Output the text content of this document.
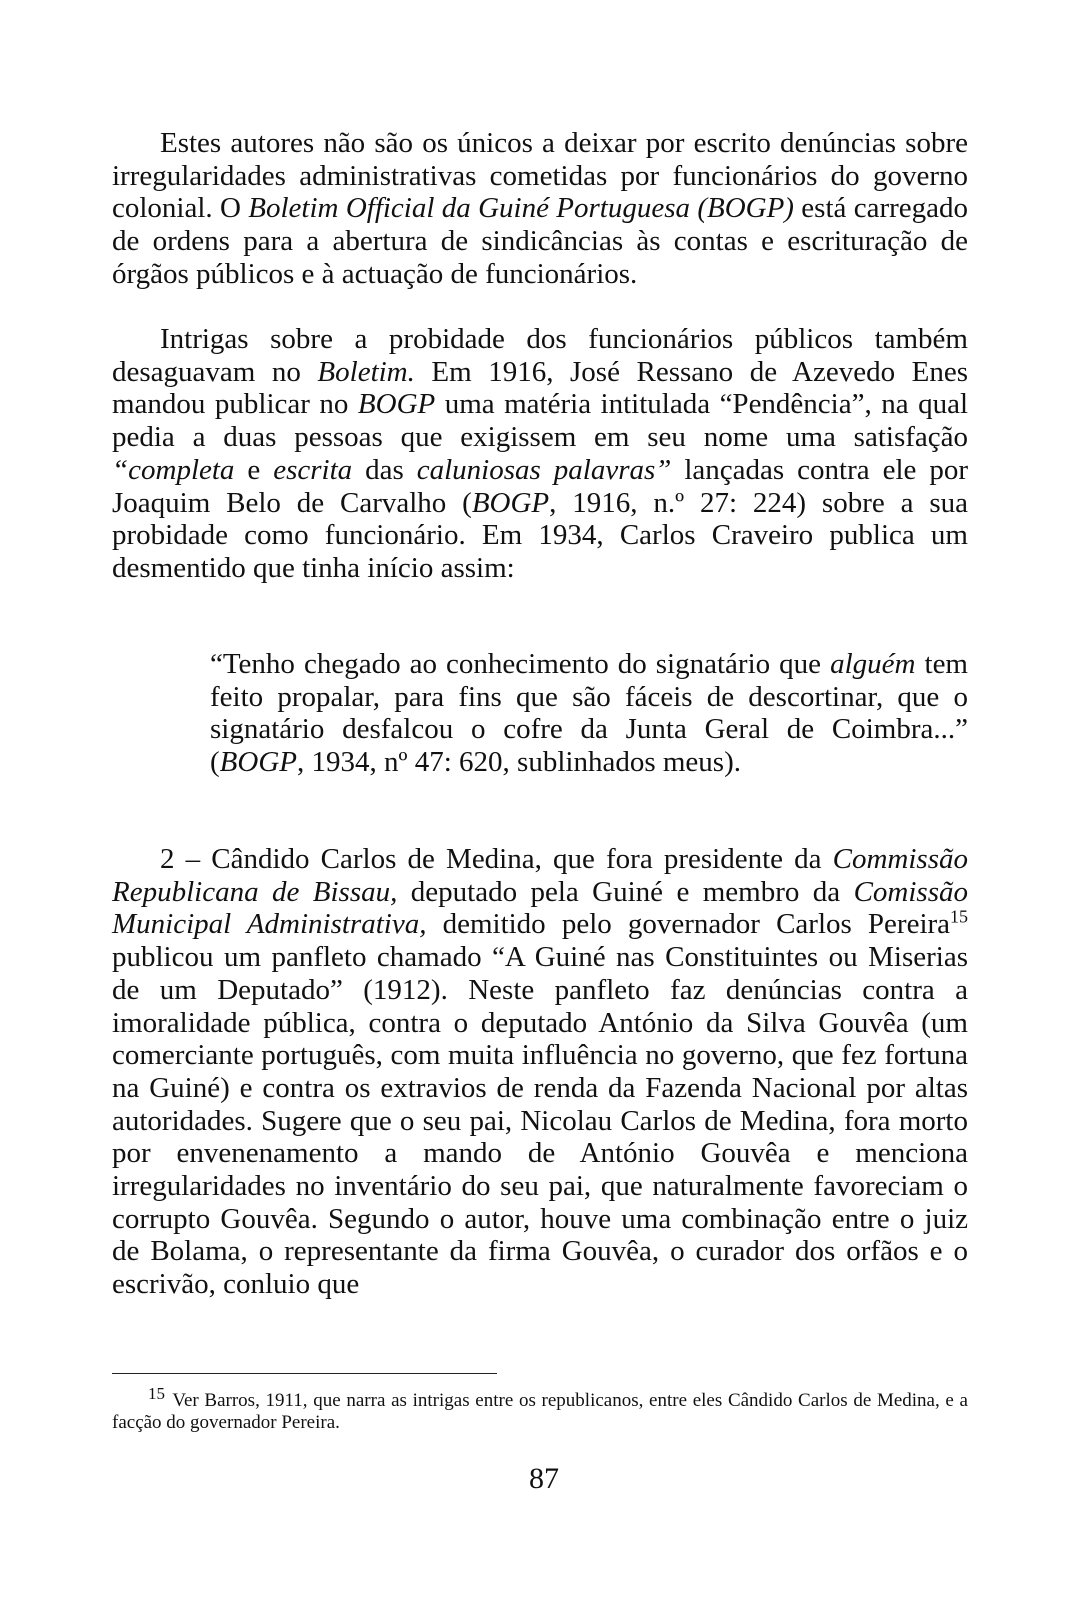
Estes autores não são os únicos a deixar por escrito denúncias sobre irregularidades administrativas cometidas por funcionários do governo colonial. O Boletim Official da Guiné Portuguesa (BOGP) está carregado de ordens para a abertura de sindicâncias às contas e escrituração de órgãos públicos e à actuação de funcionários.

Intrigas sobre a probidade dos funcionários públicos também desaguavam no Boletim. Em 1916, José Ressano de Azevedo Enes mandou publicar no BOGP uma matéria intitulada “Pendência”, na qual pedia a duas pessoas que exigissem em seu nome uma satisfação “completa e escrita das caluniosas palavras” lançadas contra ele por Joaquim Belo de Carvalho (BOGP, 1916, n.º 27: 224) sobre a sua probidade como funcionário. Em 1934, Carlos Craveiro publica um desmentido que tinha início assim:

“Tenho chegado ao conhecimento do signatário que alguém tem feito propalar, para fins que são fáceis de descortinar, que o signatário desfalcou o cofre da Junta Geral de Coimbra...” (BOGP, 1934, nº 47: 620, sublinhados meus).

2 – Cândido Carlos de Medina, que fora presidente da Commissão Republicana de Bissau, deputado pela Guiné e membro da Comissão Municipal Administrativa, demitido pelo governador Carlos Pereira$^{15}$ publicou um panfleto chamado “A Guiné nas Constituintes ou Miserias de um Deputado” (1912). Neste panfleto faz denúncias contra a imoralidade pública, contra o deputado António da Silva Gouvêa (um comerciante português, com muita influência no governo, que fez fortuna na Guiné) e contra os extravios de renda da Fazenda Nacional por altas autoridades. Sugere que o seu pai, Nicolau Carlos de Medina, fora morto por envenenamento a mando de António Gouvêa e menciona irregularidades no inventário do seu pai, que naturalmente favoreciam o corrupto Gouvêa. Segundo o autor, houve uma combinação entre o juiz de Bolama, o representante da firma Gouvêa, o curador dos orfãos e o escrivão, conluio que

15 Ver Barros, 1911, que narra as intrigas entre os republicanos, entre eles Cândido Carlos de Medina, e a facção do governador Pereira.

87
